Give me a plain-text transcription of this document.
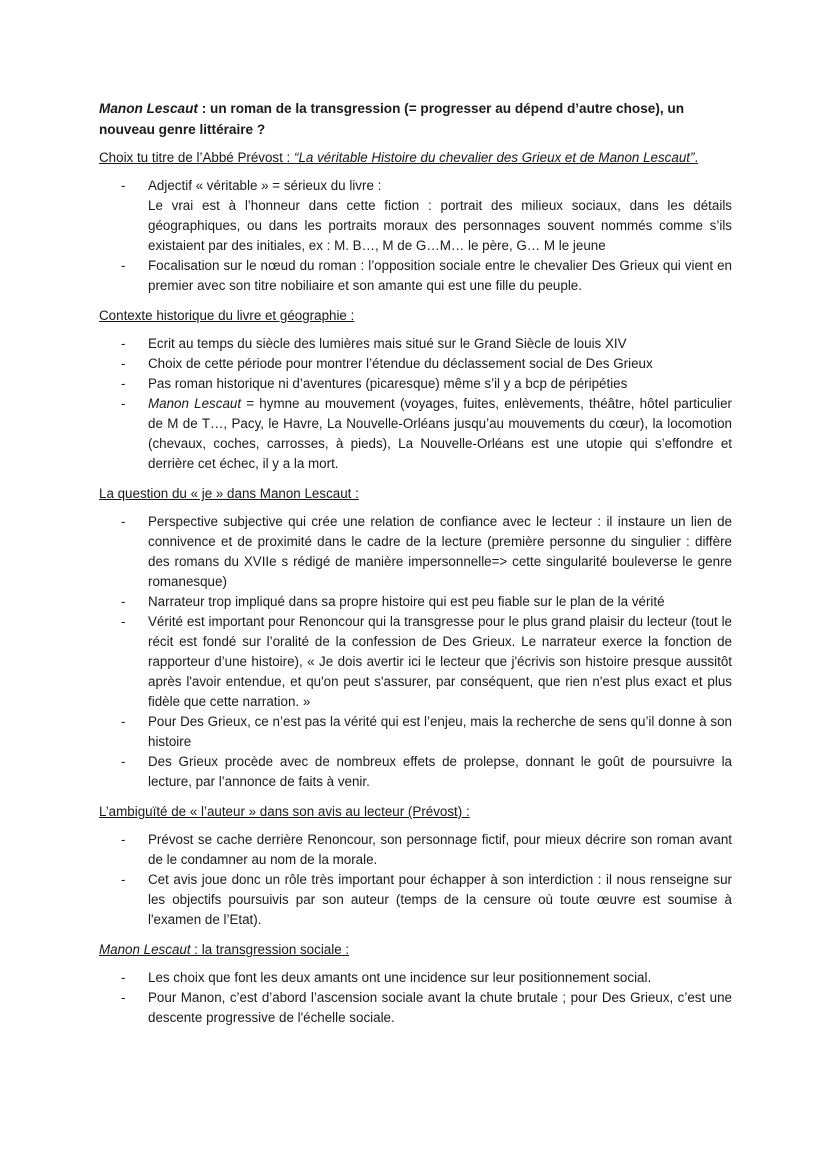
Manon Lescaut : un roman de la transgression (= progresser au dépend d’autre chose), un nouveau genre littéraire ?

Choix tu titre de l’Abbé Prévost : “La véritable Histoire du chevalier des Grieux et de Manon Lescaut”.

- Adjectif « véritable » = sérieux du livre :
Le vrai est à l’honneur dans cette fiction : portrait des milieux sociaux, dans les détails géographiques, ou dans les portraits moraux des personnages souvent nommés comme s’ils existaient par des initiales, ex : M. B…, M de G…M… le père, G… M le jeune
- Focalisation sur le nœud du roman : l’opposition sociale entre le chevalier Des Grieux qui vient en premier avec son titre nobiliaire et son amante qui est une fille du peuple.

Contexte historique du livre et géographie :

- Ecrit au temps du siècle des lumières mais situé sur le Grand Siècle de louis XIV
- Choix de cette période pour montrer l’étendue du déclassement social de Des Grieux
- Pas roman historique ni d’aventures (picaresque) même s’il y a bcp de péripéties
- Manon Lescaut = hymne au mouvement (voyages, fuites, enlèvements, théâtre, hôtel particulier de M de T…, Pacy, le Havre, La Nouvelle-Orléans jusqu’au mouvements du cœur), la locomotion (chevaux, coches, carrosses, à pieds), La Nouvelle-Orléans est une utopie qui s’effondre et derrière cet échec, il y a la mort.

La question du « je » dans Manon Lescaut :

- Perspective subjective qui crée une relation de confiance avec le lecteur : il instaure un lien de connivence et de proximité dans le cadre de la lecture (première personne du singulier : diffère des romans du XVIIe s rédigé de manière impersonnelle=> cette singularité bouleverse le genre romanesque)
- Narrateur trop impliqué dans sa propre histoire qui est peu fiable sur le plan de la vérité
- Vérité est important pour Renoncour qui la transgresse pour le plus grand plaisir du lecteur (tout le récit est fondé sur l’oralité de la confession de Des Grieux. Le narrateur exerce la fonction de rapporteur d’une histoire), « Je dois avertir ici le lecteur que j'écrivis son histoire presque aussitôt après l'avoir entendue, et qu'on peut s'assurer, par conséquent, que rien n'est plus exact et plus fidèle que cette narration. »
- Pour Des Grieux, ce n’est pas la vérité qui est l’enjeu, mais la recherche de sens qu’il donne à son histoire
- Des Grieux procède avec de nombreux effets de prolepse, donnant le goût de poursuivre la lecture, par l’annonce de faits à venir.

L’ambiguïté de « l’auteur » dans son avis au lecteur (Prévost) :

- Prévost se cache derrière Renoncour, son personnage fictif, pour mieux décrire son roman avant de le condamner au nom de la morale.
- Cet avis joue donc un rôle très important pour échapper à son interdiction : il nous renseigne sur les objectifs poursuivis par son auteur (temps de la censure où toute œuvre est soumise à l'examen de l’Etat).

Manon Lescaut : la transgression sociale :

- Les choix que font les deux amants ont une incidence sur leur positionnement social.
- Pour Manon, c’est d’abord l’ascension sociale avant la chute brutale ; pour Des Grieux, c’est une descente progressive de l'échelle sociale.
